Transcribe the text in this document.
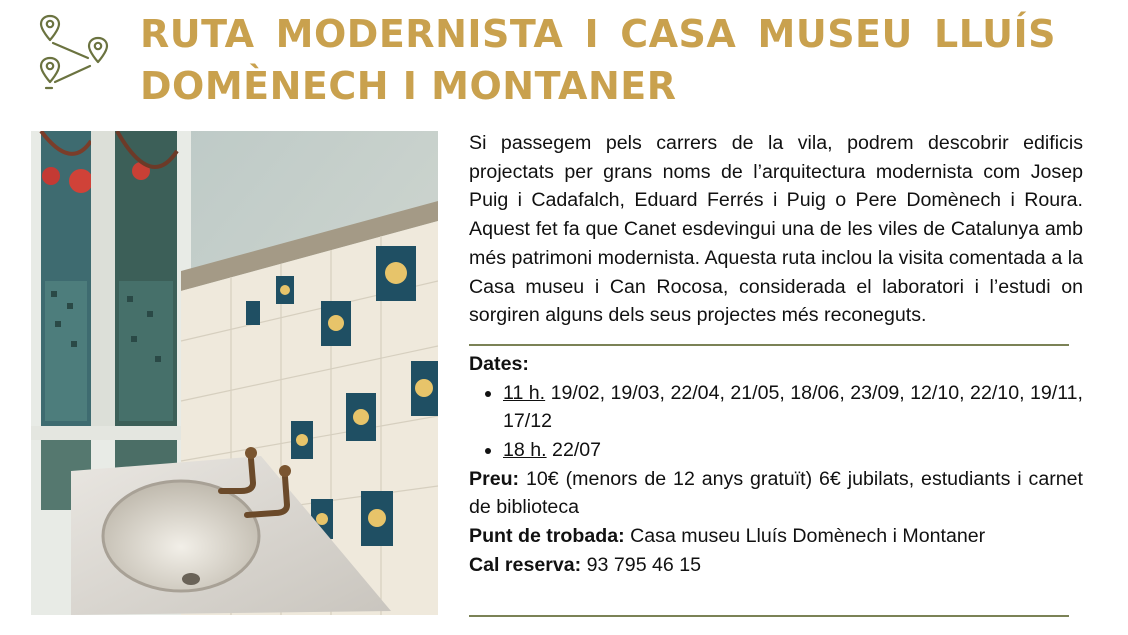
RUTA MODERNISTA I CASA MUSEU LLUÍS
DOMÈNECH I MONTANER

Si passegem pels carrers de la vila, podrem descobrir edificis projectats per grans noms de l’arquitectura modernista com Josep Puig i Cadafalch, Eduard Ferrés i Puig o Pere Domènech i Roura. Aquest fet fa que Canet esdevingui una de les viles de Catalunya amb més patrimoni modernista. Aquesta ruta inclou la visita comentada a la Casa museu i Can Rocosa, considerada el laboratori i l’estudi on sorgiren alguns dels seus projectes més reconeguts.

Dates:
• 11 h. 19/02, 19/03, 22/04, 21/05, 18/06, 23/09, 12/10, 22/10, 19/11, 17/12
• 18 h. 22/07
Preu: 10€ (menors de 12 anys gratuït) 6€ jubilats, estudiants i carnet de biblioteca
Punt de trobada: Casa museu Lluís Domènech i Montaner
Cal reserva: 93 795 46 15
